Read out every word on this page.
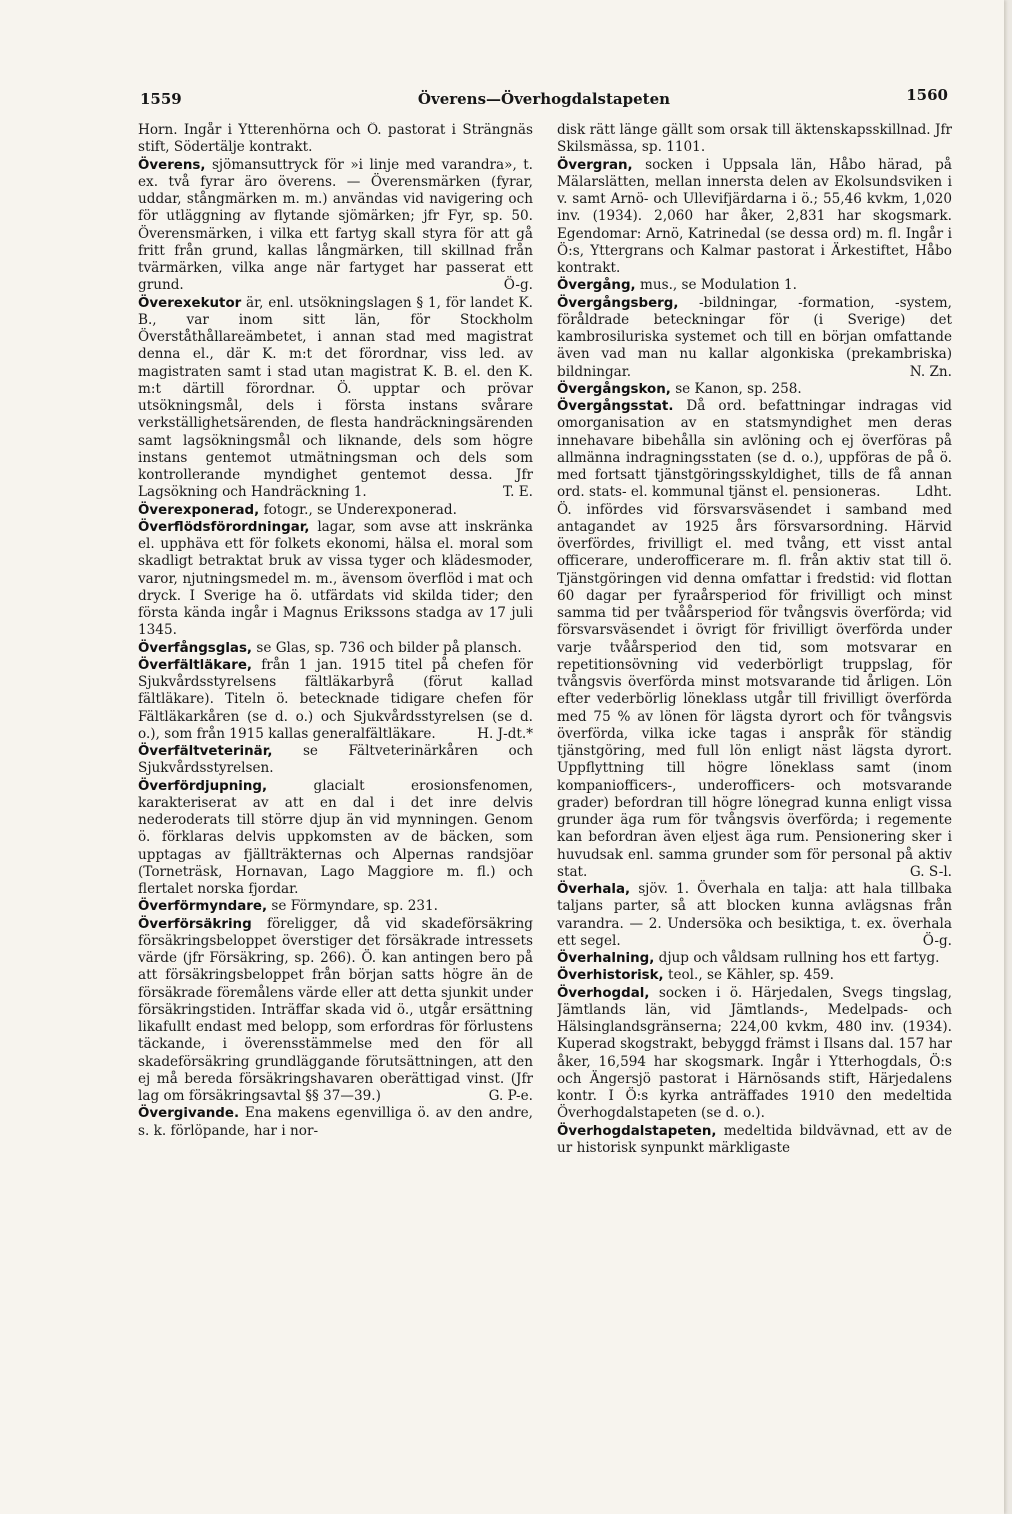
1559	Överens—Överhogdalstapeten	1560

Horn. Ingår i Ytterenhörna och Ö. pastorat i Strängnäs stift, Södertälje kontrakt.

Överens, sjömansuttryck för »i linje med varandra», t. ex. två fyrar äro överens. — Överensmärken (fyrar, uddar, stångmärken m. m.) användas vid navigering och för utläggning av flytande sjömärken; jfr Fyr, sp. 50. Överensmärken, i vilka ett fartyg skall styra för att gå fritt från grund, kallas långmärken, till skillnad från tvärmärken, vilka ange när fartyget har passerat ett grund.	Ö-g.

Överexekutor är, enl. utsökningslagen § 1, för landet K. B., var inom sitt län, för Stockholm Överståthållareämbetet, i annan stad med magistrat denna el., där K. m:t det förordnar, viss led. av magistraten samt i stad utan magistrat K. B. el. den K. m:t därtill förordnar. Ö. upptar och prövar utsökningsmål, dels i första instans svårare verkställighetsärenden, de flesta handräckningsärenden samt lagsökningsmål och liknande, dels som högre instans gentemot utmätningsman och dels som kontrollerande myndighet gentemot dessa. Jfr Lagsökning och Handräckning 1.	T. E.

Överexponerad, fotogr., se Underexponerad.

Överflödsförordningar, lagar, som avse att inskränka el. upphäva ett för folkets ekonomi, hälsa el. moral som skadligt betraktat bruk av vissa tyger och klädesmoder, varor, njutningsmedel m. m., ävensom överflöd i mat och dryck. I Sverige ha ö. utfärdats vid skilda tider; den första kända ingår i Magnus Erikssons stadga av 17 juli 1345.

Överfångsglas, se Glas, sp. 736 och bilder på plansch.

Överfältläkare, från 1 jan. 1915 titel på chefen för Sjukvårdsstyrelsens fältläkarbyrå (förut kallad fältläkare). Titeln ö. betecknade tidigare chefen för Fältläkarkåren (se d. o.) och Sjukvårdsstyrelsen (se d. o.), som från 1915 kallas generalfältläkare.	H. J-dt.*

Överfältveterinär, se Fältveterinärkåren och Sjukvårdsstyrelsen.

Överfördjupning,	glacialt erosionsfenomen, karakteriserat av att en dal i det inre delvis nederoderats till större djup än vid mynningen. Genom ö. förklaras delvis uppkomsten av de bäcken, som upptagas av fjällträkternas och Alpernas randsjöar (Torneträsk, Hornavan, Lago Maggiore m. fl.) och flertalet norska fjordar.

Överförmyndare, se Förmyndare, sp. 231.

Överförsäkring föreligger, då vid skadeförsäkring försäkringsbeloppet överstiger det försäkrade intressets värde (jfr Försäkring, sp. 266). Ö. kan antingen bero på att försäkringsbeloppet från början satts högre än de försäkrade föremålens värde eller att detta sjunkit under försäkringstiden. Inträffar skada vid ö., utgår ersättning likafullt endast med belopp, som erfordras för förlustens täckande, i överensstämmelse med den för all skadeförsäkring grundläggande förutsättningen, att den ej må bereda försäkringshavaren oberättigad vinst. (Jfr lag om försäkringsavtal §§ 37—39.)	G. P-e.

Övergivande. Ena makens egenvilliga ö. av den andre, s. k. förlöpande, har i nor-

disk rätt länge gällt som orsak till äktenskapsskillnad. Jfr Skilsmässa, sp. 1101.

Övergran, socken i Uppsala län, Håbo härad, på Mälarslätten, mellan innersta delen av Ekolsundsviken i v. samt Arnö- och Ullevifjärdarna i ö.; 55,46 kvkm, 1,020 inv. (1934). 2,060 har åker, 2,831 har skogsmark. Egendomar: Arnö, Katrinedal (se dessa ord) m. fl. Ingår i Ö:s, Yttergrans och Kalmar pastorat i Ärkestiftet, Håbo kontrakt.

Övergång, mus., se Modulation 1.

Övergångsberg, -bildningar, -formation, -system, föråldrade beteckningar för (i Sverige) det kambrosiluriska systemet och till en början omfattande även vad man nu kallar algonkiska (prekambriska) bildningar.	N. Zn.

Övergångskon, se Kanon, sp. 258.

Övergångsstat. Då ord. befattningar indragas vid omorganisation av en statsmyndighet men deras innehavare bibehålla sin avlöning och ej överföras på allmänna indragningsstaten (se d. o.), uppföras de på ö. med fortsatt tjänstgöringsskyldighet, tills de få annan ord. stats- el. kommunal tjänst el. pensioneras.	Ldht.

Ö. infördes vid försvarsväsendet i samband med antagandet av 1925 års försvarsordning. Härvid överfördes, frivilligt el. med tvång, ett visst antal officerare, underofficerare m. fl. från aktiv stat till ö. Tjänstgöringen vid denna omfattar i fredstid: vid flottan 60 dagar per fyraårsperiod för frivilligt och minst samma tid per tvåårsperiod för tvångsvis överförda; vid försvarsväsendet i övrigt för frivilligt överförda under varje tvåårsperiod den tid, som motsvarar en repetitionsövning vid vederbörligt truppslag, för tvångsvis överförda minst motsvarande tid årligen. Lön efter vederbörlig löneklass utgår till frivilligt överförda med 75 % av lönen för lägsta dyrort och för tvångsvis överförda, vilka icke tagas i anspråk för ständig tjänstgöring, med full lön enligt näst lägsta dyrort. Uppflyttning till högre löneklass samt (inom kompaniofficers-, underofficers- och motsvarande grader) befordran till högre lönegrad kunna enligt vissa grunder äga rum för tvångsvis överförda; i regemente kan befordran även eljest äga rum. Pensionering sker i huvudsak enl. samma grunder som för personal på aktiv stat.	G. S-l.

Överhala, sjöv. 1. Överhala en talja: att hala tillbaka taljans parter, så att blocken kunna avlägsnas från varandra. — 2. Undersöka och besiktiga, t. ex. överhala ett segel.	Ö-g.

Överhalning, djup och våldsam rullning hos ett fartyg.

Överhistorisk, teol., se Kähler, sp. 459.

Överhogdal, socken i ö. Härjedalen, Svegs tingslag, Jämtlands län, vid Jämtlands-, Medelpads- och Hälsinglandsgränserna; 224,00 kvkm, 480 inv. (1934). Kuperad skogstrakt, bebyggd främst i Ilsans dal. 157 har åker, 16,594 har skogsmark. Ingår i Ytterhogdals, Ö:s och Ängersjö pastorat i Härnösands stift, Härjedalens kontr. I Ö:s kyrka anträffades 1910 den medeltida Överhogdalstapeten (se d. o.).

Överhogdalstapeten, medeltida bildvävnad, ett av de ur historisk synpunkt märkligaste
